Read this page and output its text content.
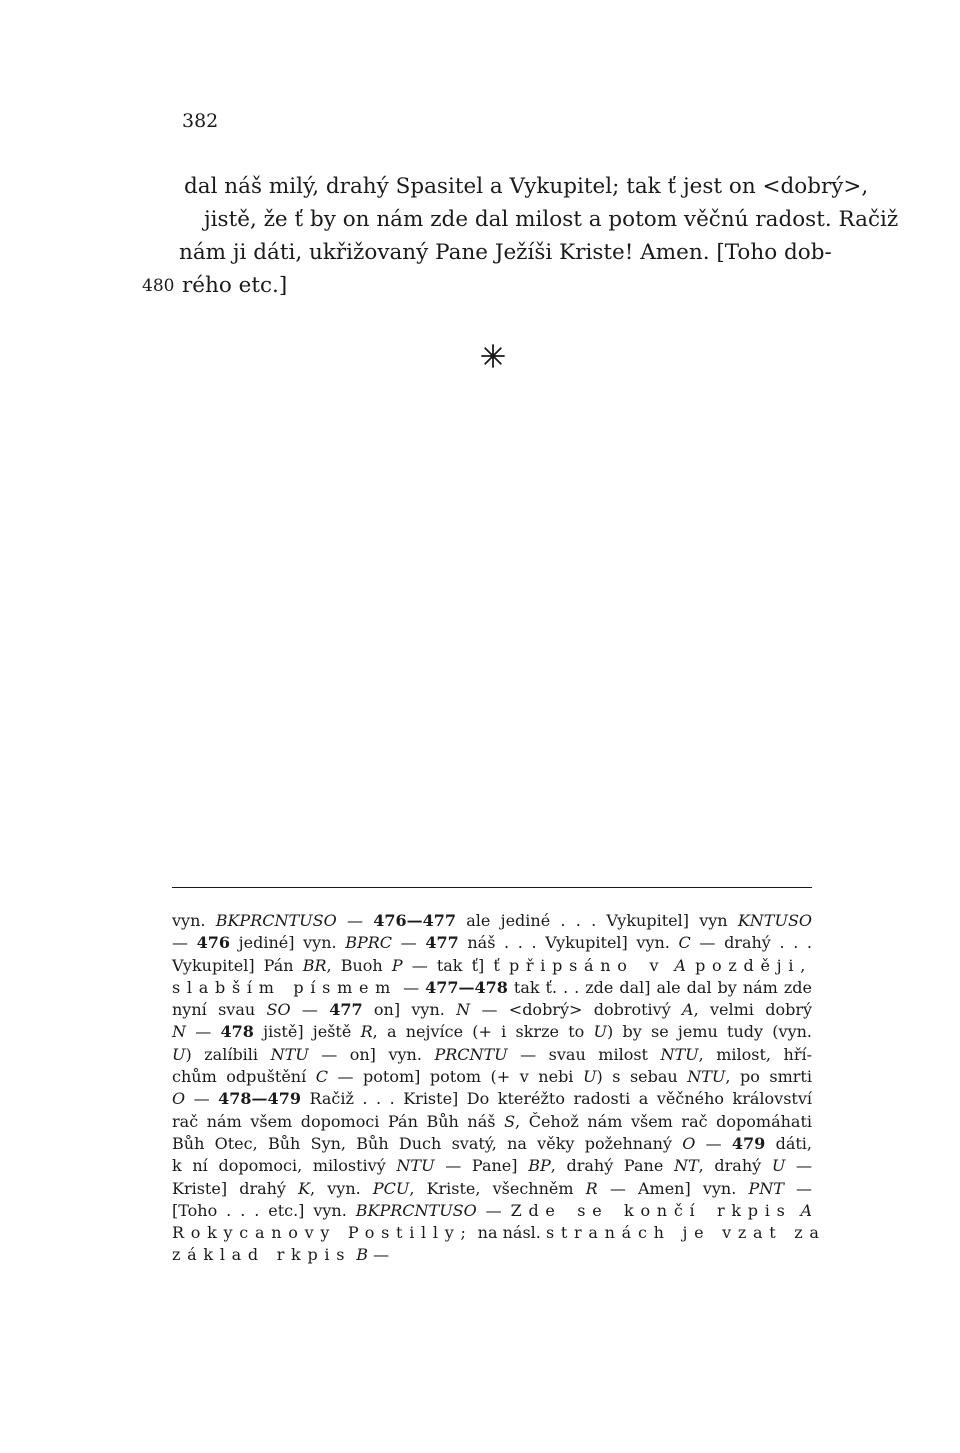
382
dal náš milý, drahý Spasitel a Vykupitel; tak ť jest on <dobrý>,
jistě, že ť by on nám zde dal milost a potom věčnú radost. Račiž
nám ji dáti, ukřižovaný Pane Ježíši Kriste! Amen. [Toho dob-
480 rého etc.]
vyn. BKPRCNTUSO — 476—477 ale jediné . . . Vykupitel] vyn KNTUSO
— 476 jediné] vyn. BPRC — 477 náš . . . Vykupitel] vyn. C — drahý . . .
Vykupitel] Pán BR, Buoh P — tak ť] ť připsáno v A později,
slabším písmem — 477—478 tak ť. . . zde dal] ale dal by nám zde
nyní svau SO — 477 on] vyn. N — <dobrý> dobrotivý A, velmi dobrý
N — 478 jistě] ještě R, a nejvíce (+ i skrze to U) by se jemu tudy (vyn.
U) zalíbili NTU — on] vyn. PRCNTU — svau milost NTU, milost, hří-
chům odpuštění C — potom] potom (+ v nebi U) s sebau NTU, po smrti
O — 478—479 Račiž . . . Kriste] Do kteréžto radosti a věčného království
rač nám všem dopomoci Pán Bůh náš S, Čehož nám všem rač dopomáhati
Bůh Otec, Bůh Syn, Bůh Duch svatý, na věky požehnaný O — 479 dáti,
k ní dopomoci, milostivý NTU — Pane] BP, drahý Pane NT, drahý U —
Kriste] drahý K, vyn. PCU, Kriste, všechněm R — Amen] vyn. PNT —
[Toho . . . etc.] vyn. BKPRCNTUSO — Zde se končí rkpis A
Rokycanovy Postilly; na násl. stranách je vzat za
základ rkpis B —
